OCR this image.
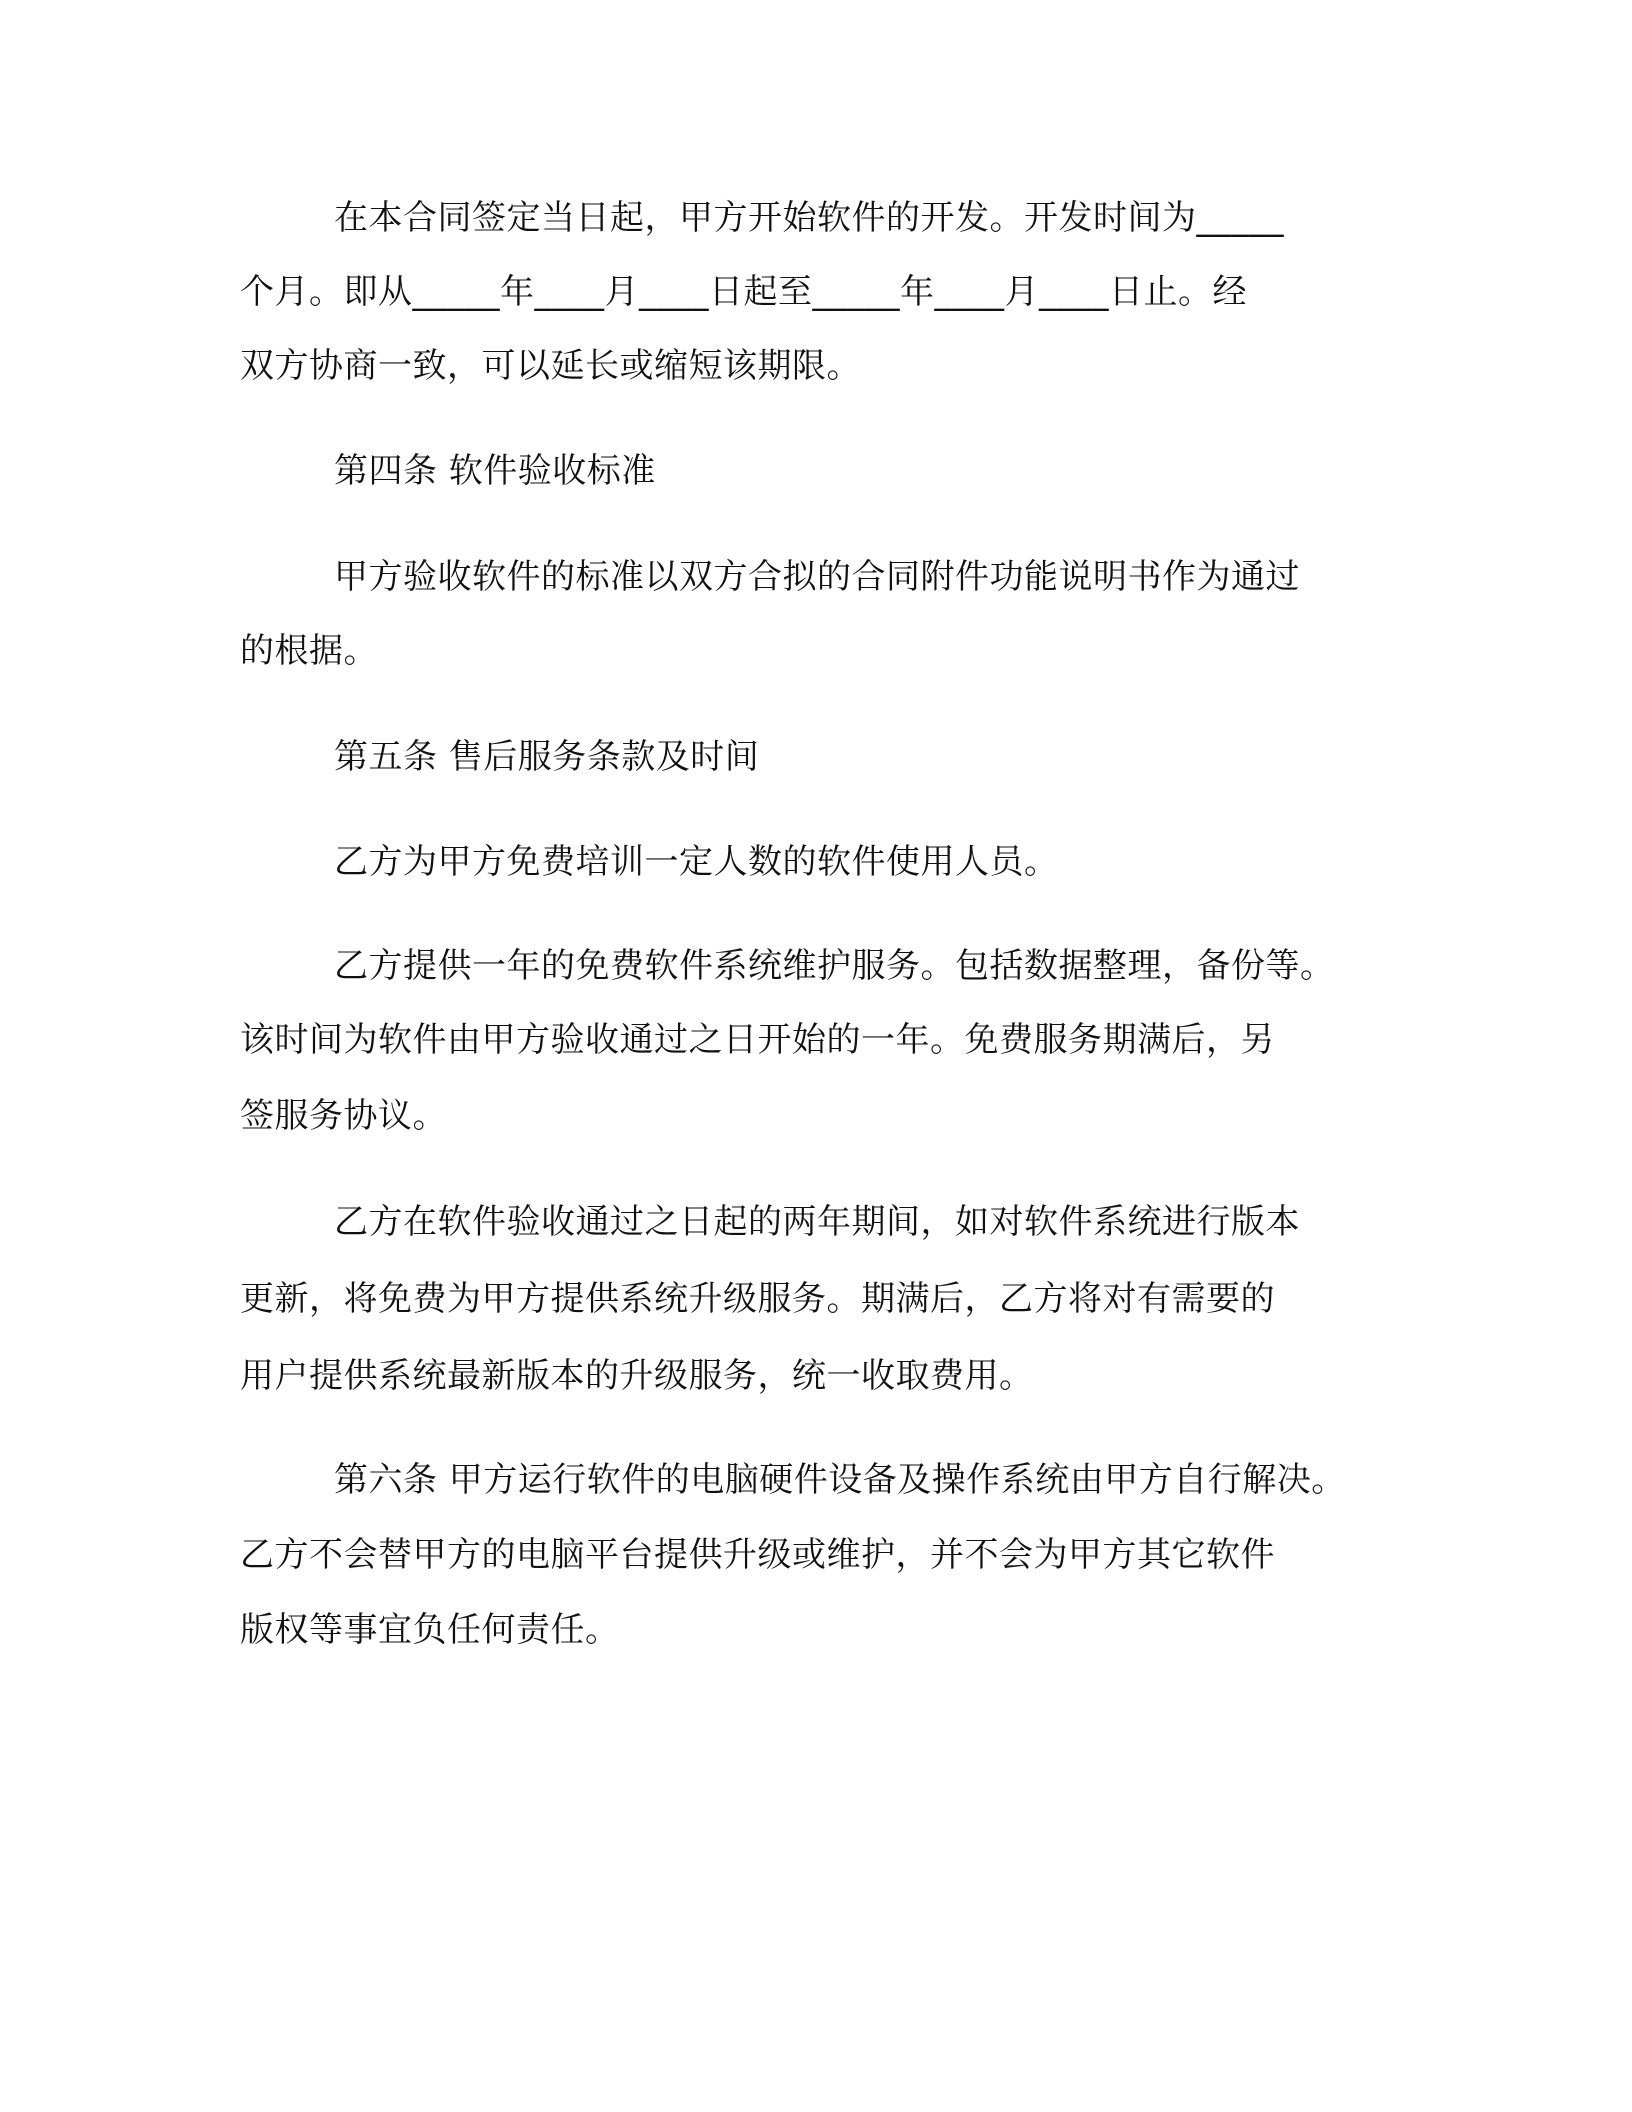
在本合同签定当日起，甲方开始软件的开发。开发时间为_____
个月。即从_____年____月____日起至_____年____月____日止。经
双方协商一致，可以延长或缩短该期限。
第四条 软件验收标准
甲方验收软件的标准以双方合拟的合同附件功能说明书作为通过
的根据。
第五条 售后服务条款及时间
乙方为甲方免费培训一定人数的软件使用人员。
乙方提供一年的免费软件系统维护服务。包括数据整理，备份等。
该时间为软件由甲方验收通过之日开始的一年。免费服务期满后，另
签服务协议。
乙方在软件验收通过之日起的两年期间，如对软件系统进行版本
更新，将免费为甲方提供系统升级服务。期满后，乙方将对有需要的
用户提供系统最新版本的升级服务，统一收取费用。
第六条 甲方运行软件的电脑硬件设备及操作系统由甲方自行解决。
乙方不会替甲方的电脑平台提供升级或维护，并不会为甲方其它软件
版权等事宜负任何责任。
